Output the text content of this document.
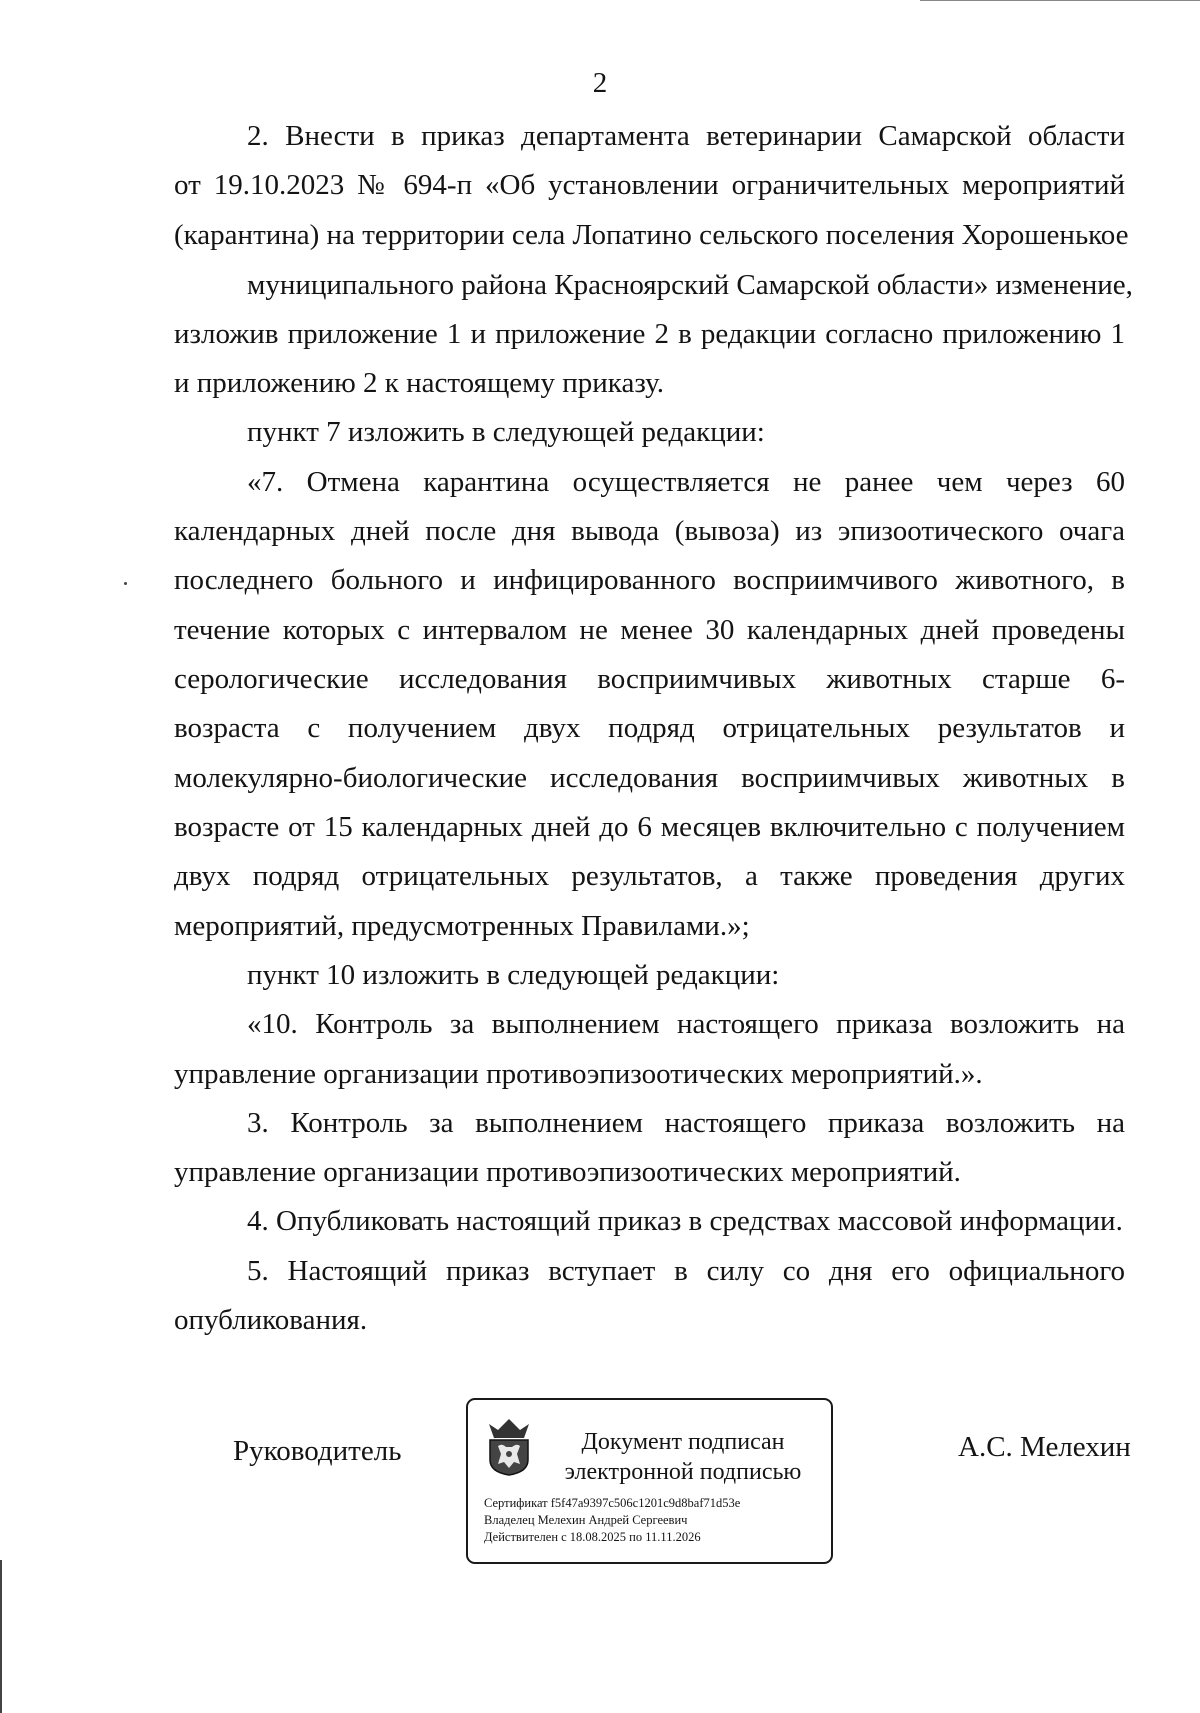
2
2. Внести в приказ департамента ветеринарии Самарской области
от 19.10.2023 № 694-п «Об установлении ограничительных мероприятий
(карантина) на территории села Лопатино сельского поселения Хорошенькое
муниципального района Красноярский Самарской области» изменение,
изложив приложение 1 и приложение 2 в редакции согласно приложению 1
и приложению 2 к настоящему приказу.
пункт 7 изложить в следующей редакции:
«7. Отмена карантина осуществляется не ранее чем через 60
календарных дней после дня вывода (вывоза) из эпизоотического очага
последнего больного и инфицированного восприимчивого животного, в
течение которых с интервалом не менее 30 календарных дней проведены
серологические исследования восприимчивых животных старше 6-
возраста с получением двух подряд отрицательных результатов и
молекулярно-биологические исследования восприимчивых животных в
возрасте от 15 календарных дней до 6 месяцев включительно с получением
двух подряд отрицательных результатов, а также проведения других
мероприятий, предусмотренных Правилами.»;
пункт 10 изложить в следующей редакции:
«10. Контроль за выполнением настоящего приказа возложить на
управление организации противоэпизоотических мероприятий.».
3. Контроль за выполнением настоящего приказа возложить на
управление организации противоэпизоотических мероприятий.
4. Опубликовать настоящий приказ в средствах массовой информации.
5. Настоящий приказ вступает в силу со дня его официального
опубликования.
Руководитель	Документ подписан
электронной подписью
Сертификат f5f47a9397c506c1201c9d8baf71d53e
Владелец Мелехин Андрей Сергеевич
Действителен с 18.08.2025 по 11.11.2026
А.С. Мелехин
